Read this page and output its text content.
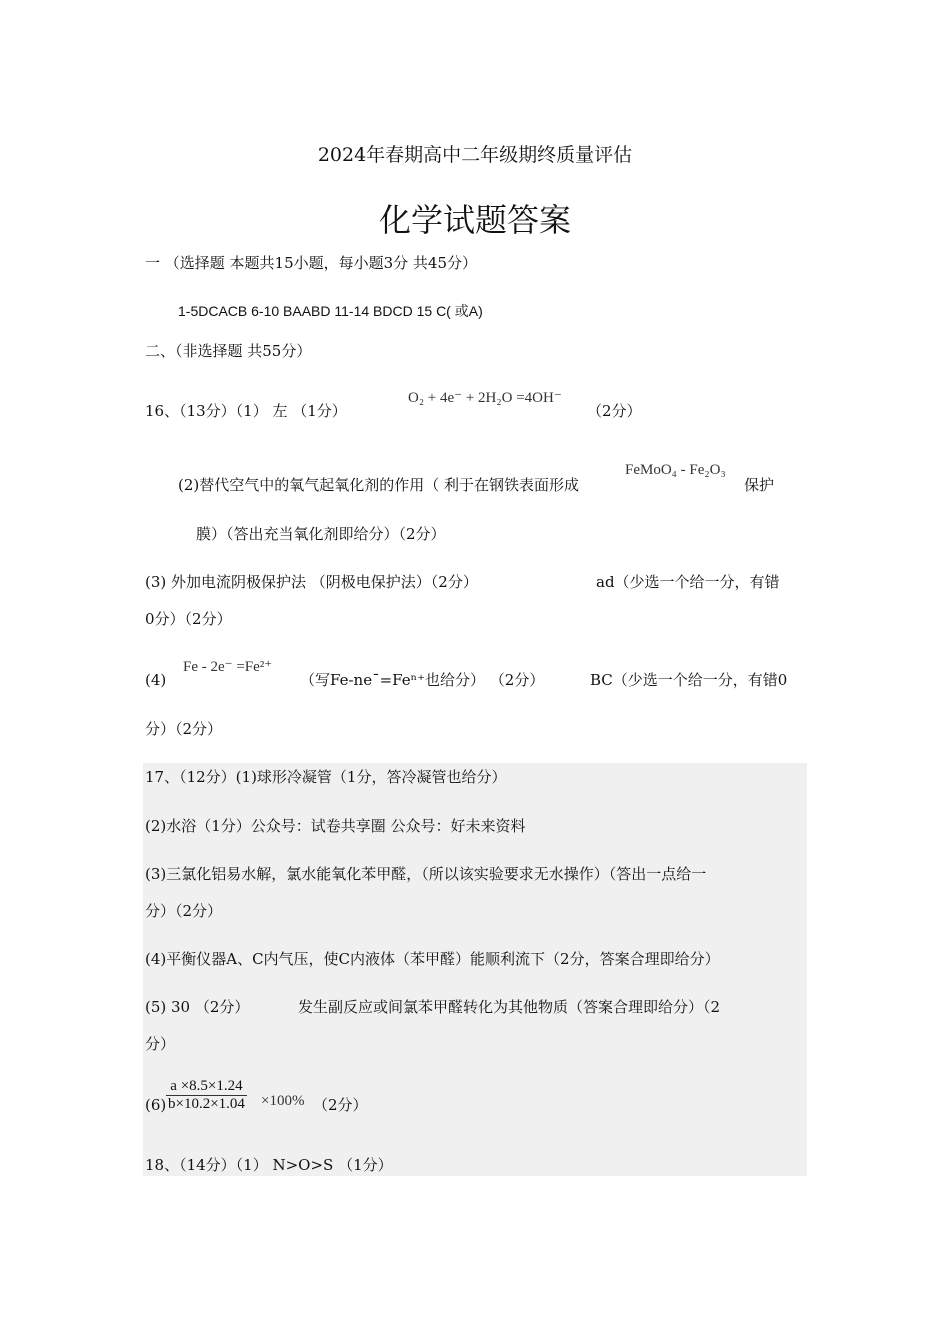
2024年春期高中二年级期终质量评估
化学试题答案
一 （选择题 本题共15小题，每小题3分 共45分）
1-5DCACB 6-10 BAABD 11-14 BDCD 15 C( 或A)
二、（非选择题 共55分）
16、（13分）（1） 左 （1分）
O₂ + 4e⁻ + 2H₂O =4OH⁻
（2分）
(2)替代空气中的氧气起氧化剂的作用（ 利于在钢铁表面形成
FeMoO₄ - Fe₂O₃
保护
膜）（答出充当氧化剂即给分）（2分）
(3) 外加电流阴极保护法 （阴极电保护法）（2分）	ad（少选一个给一分，有错
0分）（2分）
(4)
Fe - 2e⁻ =Fe²⁺
（写Fe-neˉ=Feⁿ⁺也给分） （2分）	BC（少选一个给一分，有错0
分）（2分）
17、（12分）(1)球形冷凝管（1分，答冷凝管也给分）
(2)水浴（1分）公众号：试卷共享圈 公众号：好未来资料
(3)三氯化铝易水解，氯水能氧化苯甲醛，（所以该实验要求无水操作）（答出一点给一
分）（2分）
(4)平衡仪器A、C内气压，使C内液体（苯甲醛）能顺利流下（2分，答案合理即给分）
(5) 30 （2分）	发生副反应或间氯苯甲醛转化为其他物质（答案合理即给分）（2
分）
$(6) \frac{a \times 8.5\times 1.24}{b\times 10.2\times 1.04} \times 100\%$ （2分）
18、（14分）（1） N>O>S （1分）
